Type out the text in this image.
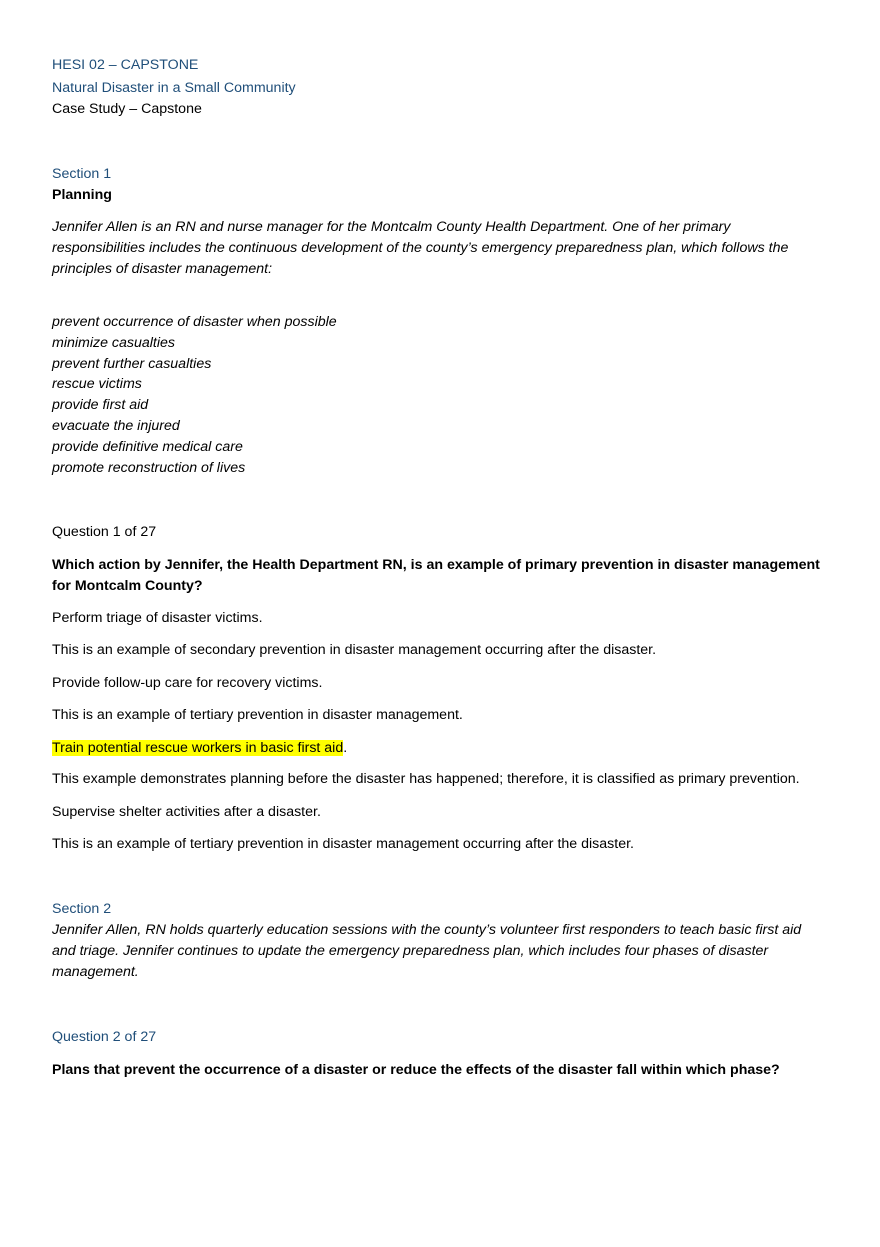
HESI 02 – CAPSTONE
Natural Disaster in a Small Community
Case Study – Capstone
Section 1
Planning
Jennifer Allen is an RN and nurse manager for the Montcalm County Health Department. One of her primary responsibilities includes the continuous development of the county’s emergency preparedness plan, which follows the principles of disaster management:
prevent occurrence of disaster when possible
minimize casualties
prevent further casualties
rescue victims
provide first aid
evacuate the injured
provide definitive medical care
promote reconstruction of lives
Question 1 of 27
Which action by Jennifer, the Health Department RN, is an example of primary prevention in disaster management for Montcalm County?
Perform triage of disaster victims.
This is an example of secondary prevention in disaster management occurring after the disaster.
Provide follow-up care for recovery victims.
This is an example of tertiary prevention in disaster management.
Train potential rescue workers in basic first aid.
This example demonstrates planning before the disaster has happened; therefore, it is classified as primary prevention.
Supervise shelter activities after a disaster.
This is an example of tertiary prevention in disaster management occurring after the disaster.
Section 2
Jennifer Allen, RN holds quarterly education sessions with the county’s volunteer first responders to teach basic first aid and triage. Jennifer continues to update the emergency preparedness plan, which includes four phases of disaster management.
Question 2 of 27
Plans that prevent the occurrence of a disaster or reduce the effects of the disaster fall within which phase?
